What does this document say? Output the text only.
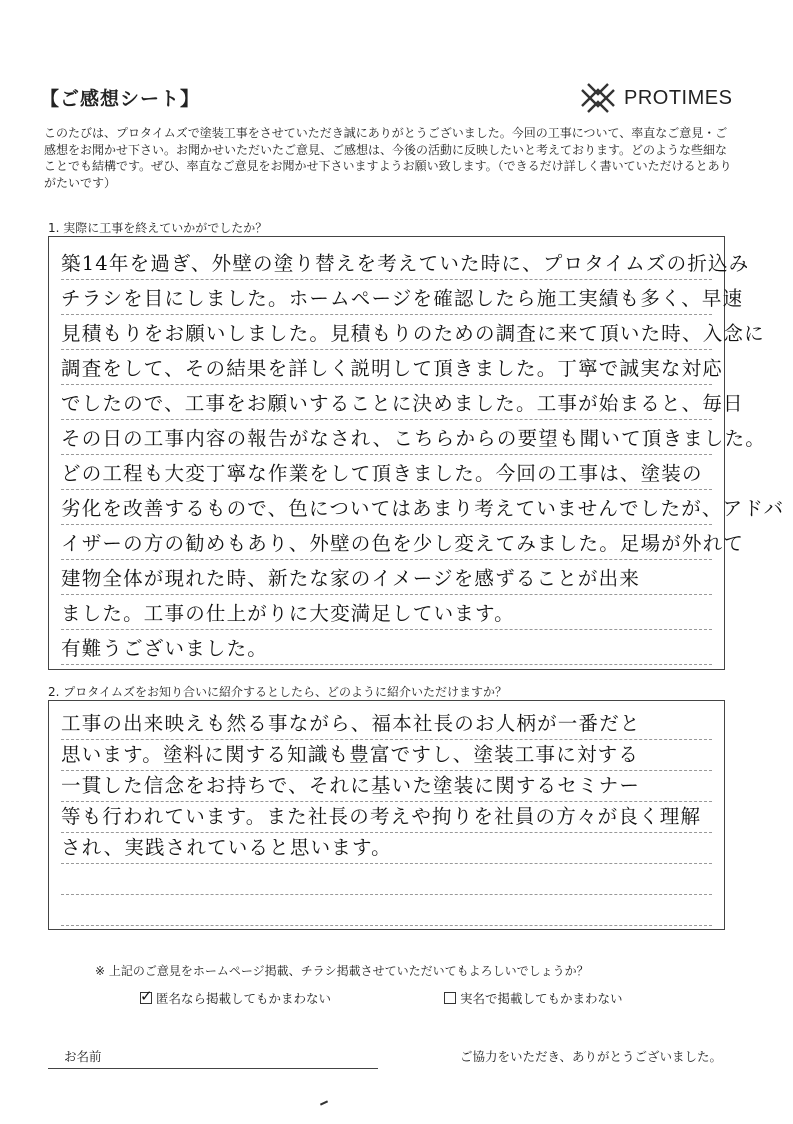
【ご感想シート】	PROTIMES
このたびは、プロタイムズで塗装工事をさせていただき誠にありがとうございました。今回の工事について、率直なご意見・ご感想をお聞かせ下さい。お聞かせいただいたご意見、ご感想は、今後の活動に反映したいと考えております。どのような些細なことでも結構です。ぜひ、率直なご意見をお聞かせ下さいますようお願い致します。（できるだけ詳しく書いていただけるとありがたいです）
1. 実際に工事を終えていかがでしたか？
築14年を過ぎ、外壁の塗り替えを考えていた時に、プロタイムズの折込み
チラシを目にしました。ホームページを確認したら施工実績も多く、早速
見積もりをお願いしました。見積もりのための調査に来て頂いた時、入念に
調査をして、その結果を詳しく説明して頂きました。丁寧で誠実な対応
でしたので、工事をお願いすることに決めました。工事が始まると、毎日
その日の工事内容の報告がなされ、こちらからの要望も聞いて頂きました。
どの工程も大変丁寧な作業をして頂きました。今回の工事は、塗装の
劣化を改善するもので、色についてはあまり考えていませんでしたが、アドバ
イザーの方の勧めもあり、外壁の色を少し変えてみました。足場が外れて
建物全体が現れた時、新たな家のイメージを感ずることが出来
ました。工事の仕上がりに大変満足しています。
有難うございました。
2. プロタイムズをお知り合いに紹介するとしたら、どのように紹介いただけますか？
工事の出来映えも然る事ながら、福本社長のお人柄が一番だと
思います。塗料に関する知識も豊富ですし、塗装工事に対する
一貫した信念をお持ちで、それに基いた塗装に関するセミナー
等も行われています。また社長の考えや拘りを社員の方々が良く理解
され、実践されていると思います。
※ 上記のご意見をホームページ掲載、チラシ掲載させていただいてもよろしいでしょうか？
✓ 匿名なら掲載してもかまわない	実名で掲載してもかまわない
お名前	ご協力をいただき、ありがとうございました。
